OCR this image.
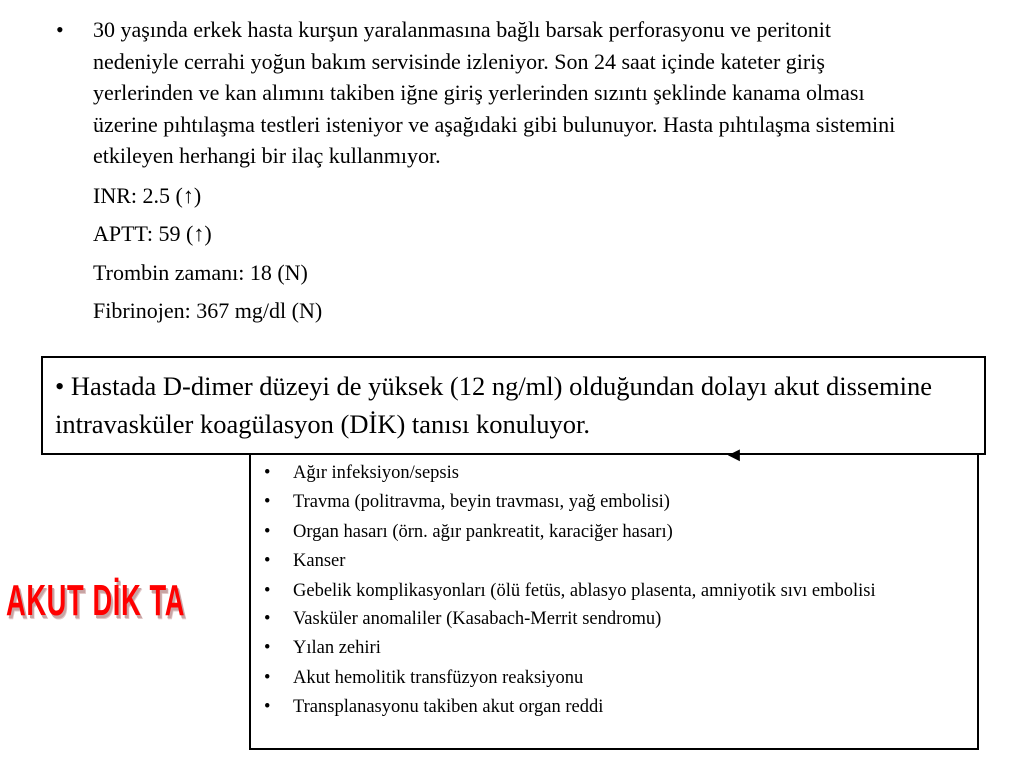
• 30 yaşında erkek hasta kurşun yaralanmasına bağlı barsak perforasyonu ve peritonit nedeniyle cerrahi yoğun bakım servisinde izleniyor. Son 24 saat içinde kateter giriş yerlerinden ve kan alımını takiben iğne giriş yerlerinden sızıntı şeklinde kanama olması üzerine pıhtılaşma testleri isteniyor ve aşağıdaki gibi bulunuyor. Hasta pıhtılaşma sistemini etkileyen herhangi bir ilaç kullanmıyor.
INR: 2.5 (↑)
APTT: 59 (↑)
Trombin zamanı: 18 (N)
Fibrinojen: 367 mg/dl (N)
AKUT DİK TA
• Ağır infeksiyon/sepsis
• Travma (politravma, beyin travması, yağ embolisi)
• Organ hasarı (örn. ağır pankreatit, karaciğer hasarı)
• Kanser
• Gebelik komplikasyonları (ölü fetüs, ablasyo plasenta, amniyotik sıvı embolisi
• Vasküler anomaliler (Kasabach-Merrit sendromu)
• Yılan zehiri
• Akut hemolitik transfüzyon reaksiyonu
• Transplanasyonu takiben akut organ reddi
• Hastada D-dimer düzeyi de yüksek (12 ng/ml) olduğundan dolayı akut dissemine intravasküler koagülasyon (DİK) tanısı konuluyor.
◄
